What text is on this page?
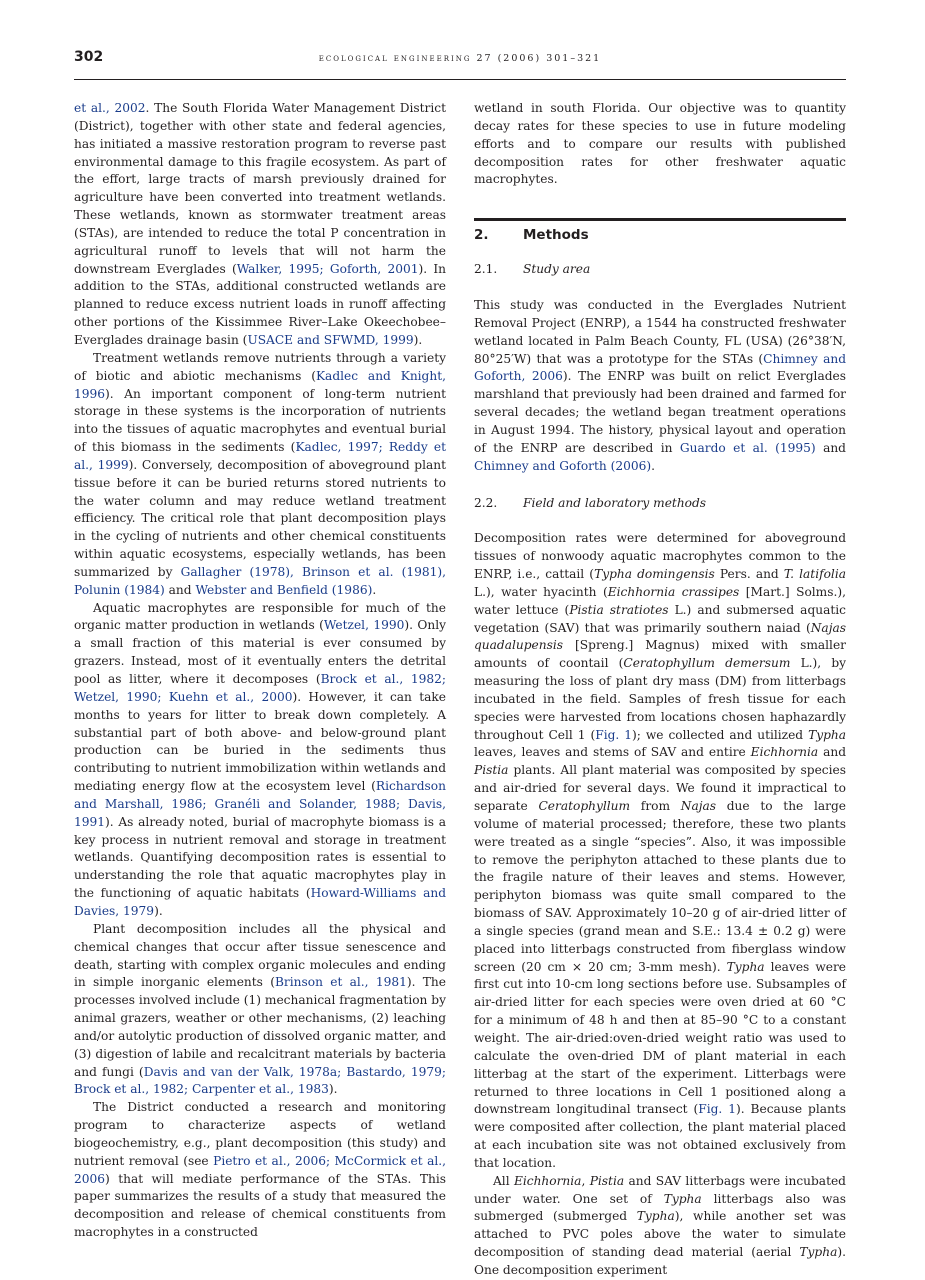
302	ecological engineering 27 (2006) 301–321

et al., 2002. The South Florida Water Management District (District), together with other state and federal agencies, has initiated a massive restoration program to reverse past environmental damage to this fragile ecosystem. As part of the effort, large tracts of marsh previously drained for agriculture have been converted into treatment wetlands. These wetlands, known as stormwater treatment areas (STAs), are intended to reduce the total P concentration in agricultural runoff to levels that will not harm the downstream Everglades (Walker, 1995; Goforth, 2001). In addition to the STAs, additional constructed wetlands are planned to reduce excess nutrient loads in runoff affecting other portions of the Kissimmee River–Lake Okeechobee–Everglades drainage basin (USACE and SFWMD, 1999).

Treatment wetlands remove nutrients through a variety of biotic and abiotic mechanisms (Kadlec and Knight, 1996). An important component of long-term nutrient storage in these systems is the incorporation of nutrients into the tissues of aquatic macrophytes and eventual burial of this biomass in the sediments (Kadlec, 1997; Reddy et al., 1999). Conversely, decomposition of aboveground plant tissue before it can be buried returns stored nutrients to the water column and may reduce wetland treatment efficiency. The critical role that plant decomposition plays in the cycling of nutrients and other chemical constituents within aquatic ecosystems, especially wetlands, has been summarized by Gallagher (1978), Brinson et al. (1981), Polunin (1984) and Webster and Benfield (1986).

Aquatic macrophytes are responsible for much of the organic matter production in wetlands (Wetzel, 1990). Only a small fraction of this material is ever consumed by grazers. Instead, most of it eventually enters the detrital pool as litter, where it decomposes (Brock et al., 1982; Wetzel, 1990; Kuehn et al., 2000). However, it can take months to years for litter to break down completely. A substantial part of both above- and below-ground plant production can be buried in the sediments thus contributing to nutrient immobilization within wetlands and mediating energy flow at the ecosystem level (Richardson and Marshall, 1986; Granéli and Solander, 1988; Davis, 1991). As already noted, burial of macrophyte biomass is a key process in nutrient removal and storage in treatment wetlands. Quantifying decomposition rates is essential to understanding the role that aquatic macrophytes play in the functioning of aquatic habitats (Howard-Williams and Davies, 1979).

Plant decomposition includes all the physical and chemical changes that occur after tissue senescence and death, starting with complex organic molecules and ending in simple inorganic elements (Brinson et al., 1981). The processes involved include (1) mechanical fragmentation by animal grazers, weather or other mechanisms, (2) leaching and/or autolytic production of dissolved organic matter, and (3) digestion of labile and recalcitrant materials by bacteria and fungi (Davis and van der Valk, 1978a; Bastardo, 1979; Brock et al., 1982; Carpenter et al., 1983).

The District conducted a research and monitoring program to characterize aspects of wetland biogeochemistry, e.g., plant decomposition (this study) and nutrient removal (see Pietro et al., 2006; McCormick et al., 2006) that will mediate performance of the STAs. This paper summarizes the results of a study that measured the decomposition and release of chemical constituents from macrophytes in a constructed

wetland in south Florida. Our objective was to quantity decay rates for these species to use in future modeling efforts and to compare our results with published decomposition rates for other freshwater aquatic macrophytes.

2.	Methods
2.1. Study area

This study was conducted in the Everglades Nutrient Removal Project (ENRP), a 1544 ha constructed freshwater wetland located in Palm Beach County, FL (USA) (26°38′N, 80°25′W) that was a prototype for the STAs (Chimney and Goforth, 2006). The ENRP was built on relict Everglades marshland that previously had been drained and farmed for several decades; the wetland began treatment operations in August 1994. The history, physical layout and operation of the ENRP are described in Guardo et al. (1995) and Chimney and Goforth (2006).

2.2. Field and laboratory methods

Decomposition rates were determined for aboveground tissues of nonwoody aquatic macrophytes common to the ENRP, i.e., cattail (Typha domingensis Pers. and T. latifolia L.), water hyacinth (Eichhornia crassipes [Mart.] Solms.), water lettuce (Pistia stratiotes L.) and submersed aquatic vegetation (SAV) that was primarily southern naiad (Najas quadalupensis [Spreng.] Magnus) mixed with smaller amounts of coontail (Ceratophyllum demersum L.), by measuring the loss of plant dry mass (DM) from litterbags incubated in the field. Samples of fresh tissue for each species were harvested from locations chosen haphazardly throughout Cell 1 (Fig. 1); we collected and utilized Typha leaves, leaves and stems of SAV and entire Eichhornia and Pistia plants. All plant material was composited by species and air-dried for several days. We found it impractical to separate Ceratophyllum from Najas due to the large volume of material processed; therefore, these two plants were treated as a single “species”. Also, it was impossible to remove the periphyton attached to these plants due to the fragile nature of their leaves and stems. However, periphyton biomass was quite small compared to the biomass of SAV. Approximately 10–20 g of air-dried litter of a single species (grand mean and S.E.: 13.4 ± 0.2 g) were placed into litterbags constructed from fiberglass window screen (20 cm × 20 cm; 3-mm mesh). Typha leaves were first cut into 10-cm long sections before use. Subsamples of air-dried litter for each species were oven dried at 60 °C for a minimum of 48 h and then at 85–90 °C to a constant weight. The air-dried:oven-dried weight ratio was used to calculate the oven-dried DM of plant material in each litterbag at the start of the experiment. Litterbags were returned to three locations in Cell 1 positioned along a downstream longitudinal transect (Fig. 1). Because plants were composited after collection, the plant material placed at each incubation site was not obtained exclusively from that location.

All Eichhornia, Pistia and SAV litterbags were incubated under water. One set of Typha litterbags also was submerged (submerged Typha), while another set was attached to PVC poles above the water to simulate decomposition of standing dead material (aerial Typha). One decomposition experiment
